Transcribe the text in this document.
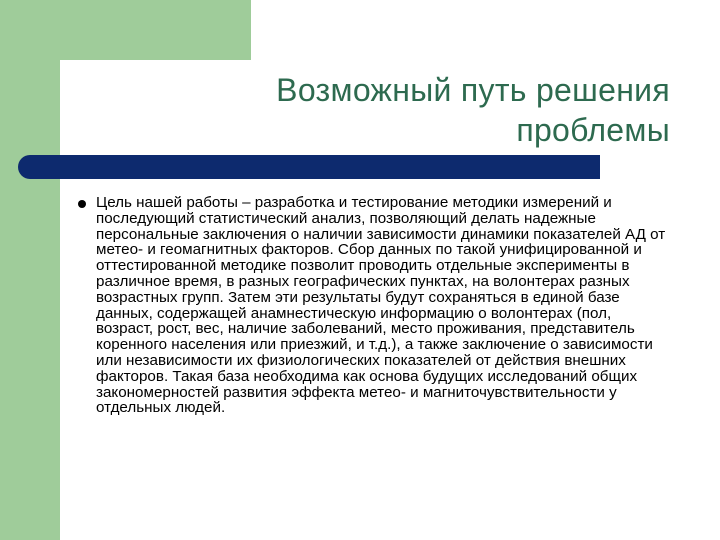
Возможный путь решения проблемы
Цель нашей работы – разработка и тестирование методики измерений и последующий статистический анализ, позволяющий делать надежные персональные заключения о наличии зависимости динамики показателей АД от метео- и геомагнитных факторов. Сбор данных по такой унифицированной и оттестированной методике позволит проводить отдельные эксперименты в различное время, в разных географических пунктах, на волонтерах разных возрастных групп. Затем эти результаты будут сохраняться в единой базе данных, содержащей анамнестическую информацию о волонтерах (пол, возраст, рост, вес, наличие заболеваний, место проживания, представитель коренного населения или приезжий, и т.д.), а также заключение о зависимости или независимости их физиологических показателей от действия внешних факторов. Такая база необходима как основа будущих исследований общих закономерностей развития эффекта метео- и магниточувствительности у отдельных людей.
